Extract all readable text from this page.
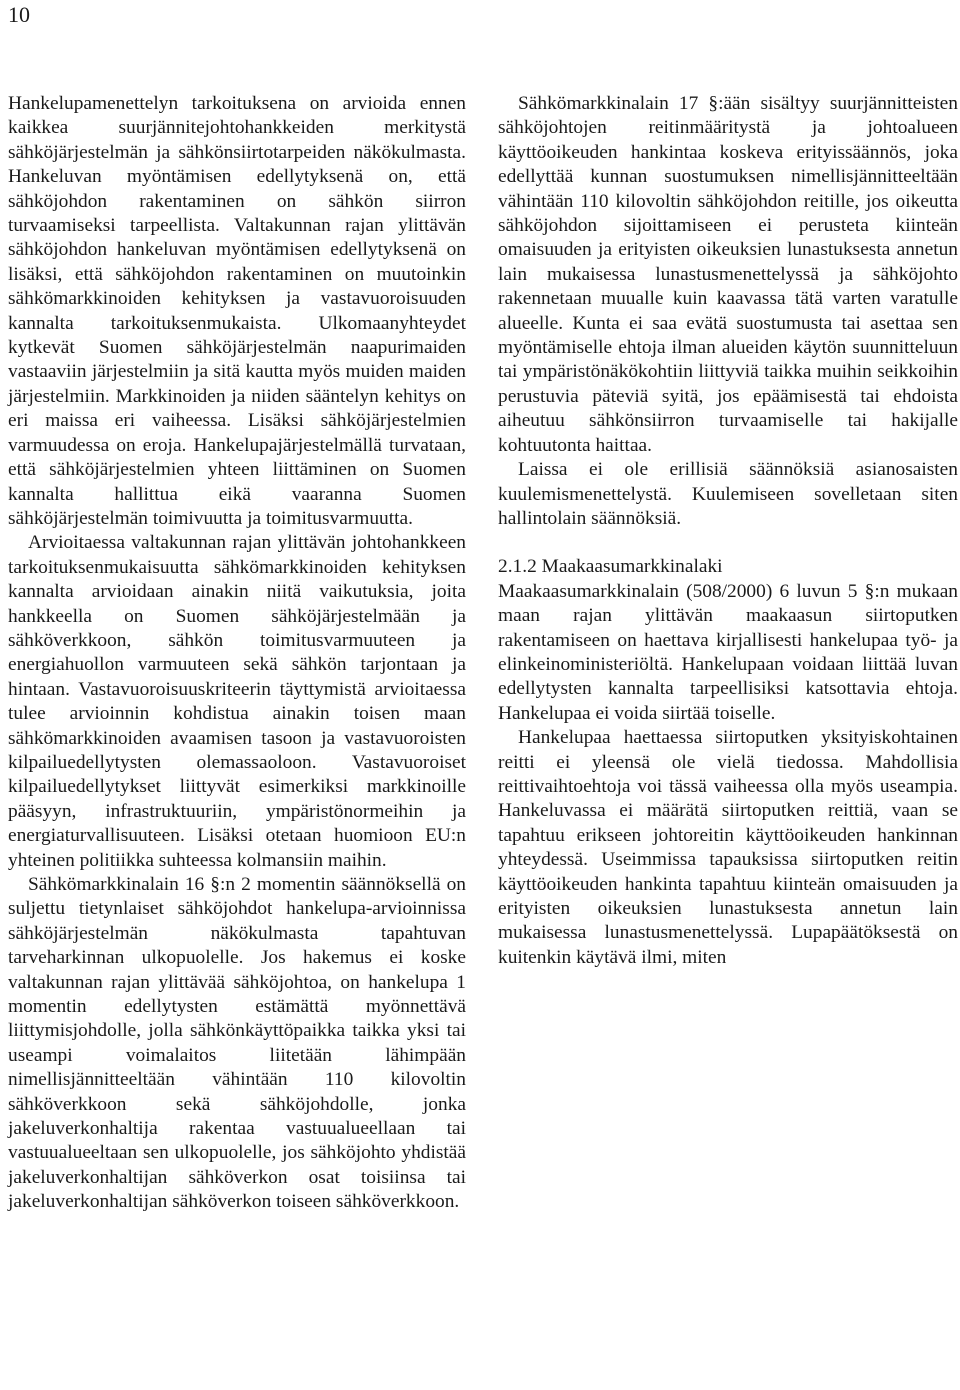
10

Hankelupamenettelyn tarkoituksena on arvioida ennen kaikkea suurjännitejohtohankkeiden merkitystä sähköjärjestelmän ja sähkönsiirtotarpeiden näkökulmasta. Hankeluvan myöntämisen edellytyksenä on, että sähköjohdon rakentaminen on sähkön siirron turvaamiseksi tarpeellista. Valtakunnan rajan ylittävän sähköjohdon hankeluvan myöntämisen edellytyksenä on lisäksi, että sähköjohdon rakentaminen on muutoinkin sähkömarkkinoiden kehityksen ja vastavuoroisuuden kannalta tarkoituksenmukaista. Ulkomaanyhteydet kytkevät Suomen sähköjärjestelmän naapurimaiden vastaaviin järjestelmiin ja sitä kautta myös muiden maiden järjestelmiin. Markkinoiden ja niiden sääntelyn kehitys on eri maissa eri vaiheessa. Lisäksi sähköjärjestelmien varmuudessa on eroja. Hankelupajärjestelmällä turvataan, että sähköjärjestelmien yhteen liittäminen on Suomen kannalta hallittua eikä vaaranna Suomen sähköjärjestelmän toimivuutta ja toimitusvarmuutta.

Arvioitaessa valtakunnan rajan ylittävän johtohankkeen tarkoituksenmukaisuutta sähkömarkkinoiden kehityksen kannalta arvioidaan ainakin niitä vaikutuksia, joita hankkeella on Suomen sähköjärjestelmään ja sähköverkkoon, sähkön toimitusvarmuuteen ja energiahuollon varmuuteen sekä sähkön tarjontaan ja hintaan. Vastavuoroisuuskriteerin täyttymistä arvioitaessa tulee arvioinnin kohdistua ainakin toisen maan sähkömarkkinoiden avaamisen tasoon ja vastavuoroisten kilpailuedellytysten olemassaoloon. Vastavuoroiset kilpailuedellytykset liittyvät esimerkiksi markkinoille pääsyyn, infrastruktuuriin, ympäristönormeihin ja energiaturvallisuuteen. Lisäksi otetaan huomioon EU:n yhteinen politiikka suhteessa kolmansiin maihin.

Sähkömarkkinalain 16 §:n 2 momentin säännöksellä on suljettu tietynlaiset sähköjohdot hankelupa-arvioinnissa sähköjärjestelmän näkökulmasta tapahtuvan tarveharkinnan ulkopuolelle. Jos hakemus ei koske valtakunnan rajan ylittävää sähköjohtoa, on hankelupa 1 momentin edellytysten estämättä myönnettävä liittymisjohdolle, jolla sähkönkäyttöpaikka taikka yksi tai useampi voimalaitos liitetään lähimpään nimellisjännitteeltään vähintään 110 kilovoltin sähköverkkoon sekä sähköjohdolle, jonka jakeluverkonhaltija rakentaa vastuualueellaan tai vastuualueeltaan sen ulkopuolelle, jos sähköjohto yhdistää jakeluverkonhaltijan sähköverkon osat toisiinsa tai jakeluverkonhaltijan sähköverkon toiseen sähköverkkoon.

Sähkömarkkinalain 17 §:ään sisältyy suurjännitteisten sähköjohtojen reitinmääritystä ja johtoalueen käyttöoikeuden hankintaa koskeva erityissäännös, joka edellyttää kunnan suostumuksen nimellisjännitteeltään vähintään 110 kilovoltin sähköjohdon reitille, jos oikeutta sähköjohdon sijoittamiseen ei perusteta kiinteän omaisuuden ja erityisten oikeuksien lunastuksesta annetun lain mukaisessa lunastusmenettelyssä ja sähköjohto rakennetaan muualle kuin kaavassa tätä varten varatulle alueelle. Kunta ei saa evätä suostumusta tai asettaa sen myöntämiselle ehtoja ilman alueiden käytön suunnitteluun tai ympäristönäkökohtiin liittyviä taikka muihin seikkoihin perustuvia päteviä syitä, jos epäämisestä tai ehdoista aiheutuu sähkönsiirron turvaamiselle tai hakijalle kohtuutonta haittaa.

Laissa ei ole erillisiä säännöksiä asianosaisten kuulemismenettelystä. Kuulemiseen sovelletaan siten hallintolain säännöksiä.

2.1.2 Maakaasumarkkinalaki

Maakaasumarkkinalain (508/2000) 6 luvun 5 §:n mukaan maan rajan ylittävän maakaasun siirtoputken rakentamiseen on haettava kirjallisesti hankelupaa työ- ja elinkeinoministeriöltä. Hankelupaan voidaan liittää luvan edellytysten kannalta tarpeellisiksi katsottavia ehtoja. Hankelupaa ei voida siirtää toiselle.

Hankelupaa haettaessa siirtoputken yksityiskohtainen reitti ei yleensä ole vielä tiedossa. Mahdollisia reittivaihtoehtoja voi tässä vaiheessa olla myös useampia. Hankeluvassa ei määrätä siirtoputken reittiä, vaan se tapahtuu erikseen johtoreitin käyttöoikeuden hankinnan yhteydessä. Useimmissa tapauksissa siirtoputken reitin käyttöoikeuden hankinta tapahtuu kiinteän omaisuuden ja erityisten oikeuksien lunastuksesta annetun lain mukaisessa lunastusmenettelyssä. Lupapäätöksestä on kuitenkin käytävä ilmi, miten
